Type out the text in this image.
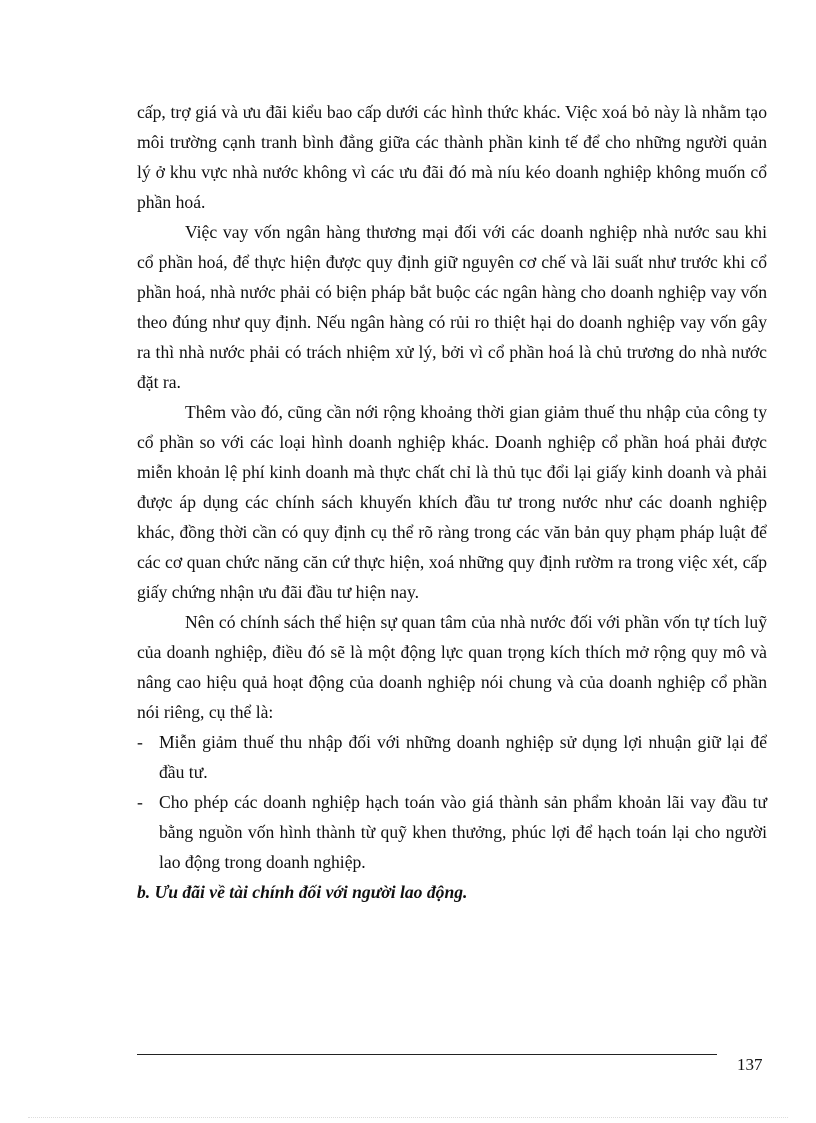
cấp, trợ giá và ưu đãi kiểu bao cấp dưới các hình thức khác. Việc xoá bỏ này là nhằm tạo môi trường cạnh tranh bình đẳng giữa các thành phần kinh tế để cho những người quản lý ở khu vực nhà nước không vì các ưu đãi đó mà níu kéo doanh nghiệp không muốn cổ phần hoá.

Việc vay vốn ngân hàng thương mại đối với các doanh nghiệp nhà nước sau khi cổ phần hoá, để thực hiện được quy định giữ nguyên cơ chế và lãi suất như trước khi cổ phần hoá, nhà nước phải có biện pháp bắt buộc các ngân hàng cho doanh nghiệp vay vốn theo đúng như quy định. Nếu ngân hàng có rủi ro thiệt hại do doanh nghiệp vay vốn gây ra thì nhà nước phải có trách nhiệm xử lý, bởi vì cổ phần hoá là chủ trương do nhà nước đặt ra.

Thêm vào đó, cũng cần nới rộng khoảng thời gian giảm thuế thu nhập của công ty cổ phần so với các loại hình doanh nghiệp khác. Doanh nghiệp cổ phần hoá phải được miễn khoản lệ phí kinh doanh mà thực chất chỉ là thủ tục đổi lại giấy kinh doanh và phải được áp dụng các chính sách khuyến khích đầu tư trong nước như các doanh nghiệp khác, đồng thời cần có quy định cụ thể rõ ràng trong các văn bản quy phạm pháp luật để các cơ quan chức năng căn cứ thực hiện, xoá những quy định rườm ra trong việc xét, cấp giấy chứng nhận ưu đãi đầu tư hiện nay.

Nên có chính sách thể hiện sự quan tâm của nhà nước đối với phần vốn tự tích luỹ của doanh nghiệp, điều đó sẽ là một động lực quan trọng kích thích mở rộng quy mô và nâng cao hiệu quả hoạt động của doanh nghiệp nói chung và của doanh nghiệp cổ phần nói riêng, cụ thể là:

- Miễn giảm thuế thu nhập đối với những doanh nghiệp sử dụng lợi nhuận giữ lại để đầu tư.
- Cho phép các doanh nghiệp hạch toán vào giá thành sản phẩm khoản lãi vay đầu tư bằng nguồn vốn hình thành từ quỹ khen thưởng, phúc lợi để hạch toán lại cho người lao động trong doanh nghiệp.

b. Ưu đãi về tài chính đối với người lao động.

137
